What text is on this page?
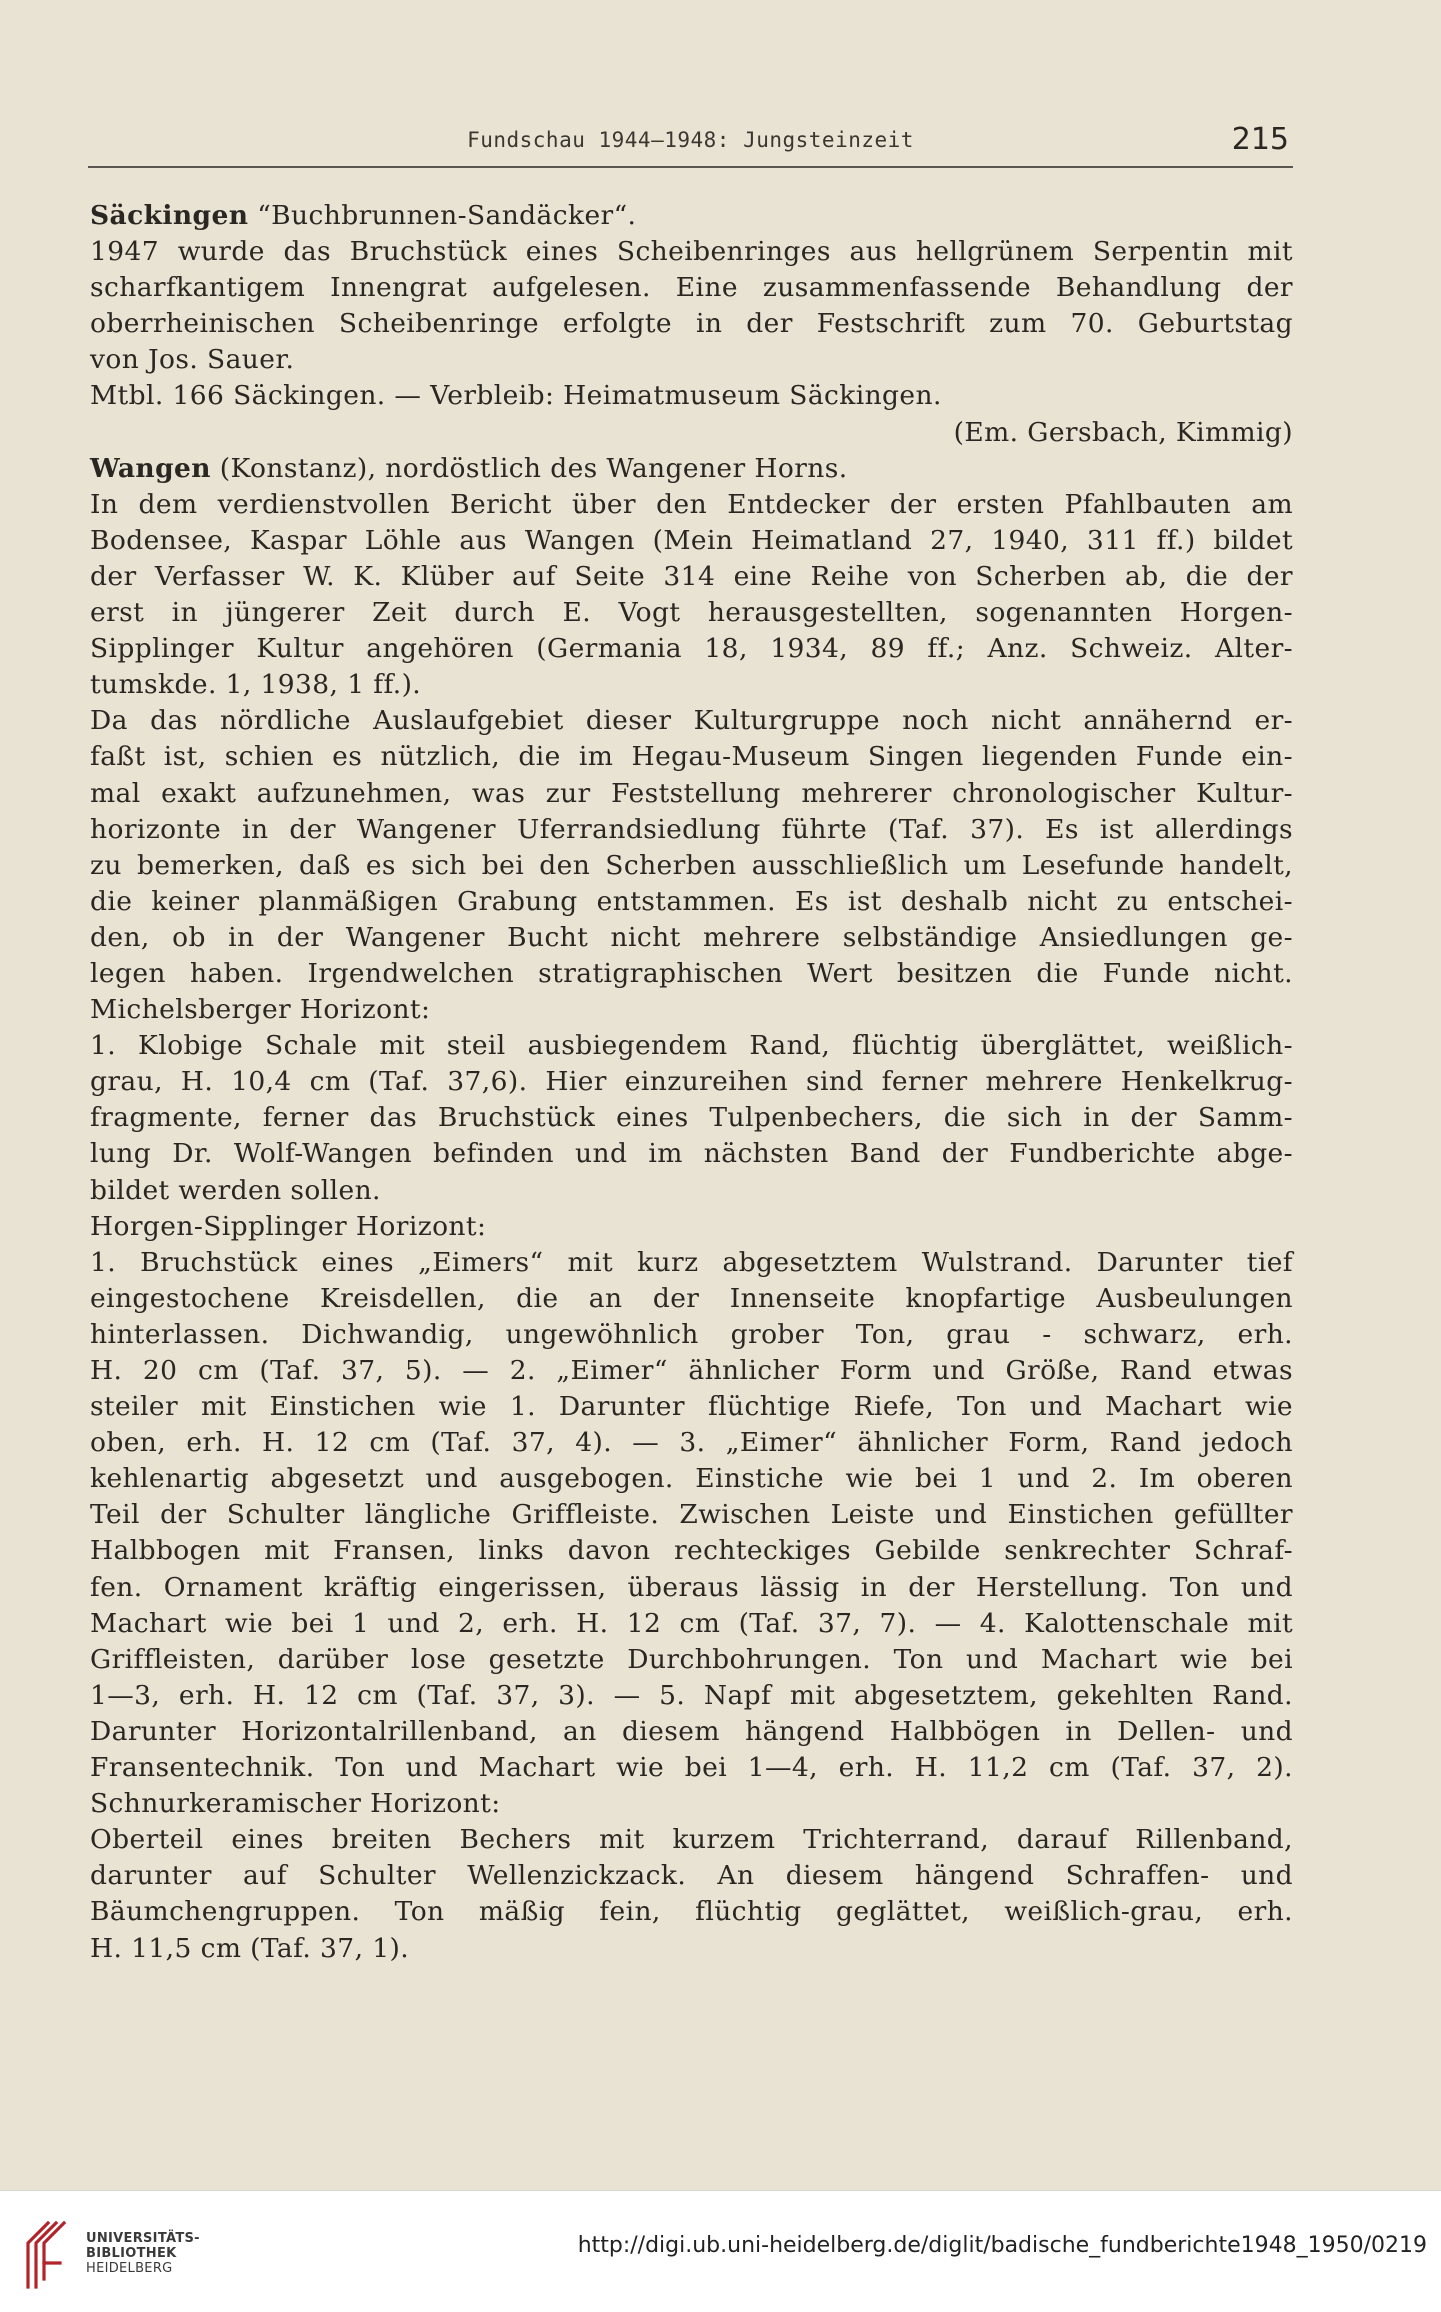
Fundschau 1944—1948: Jungsteinzeit	215
Säckingen “Buchbrunnen-Sandäcker“.
1947 wurde das Bruchstück eines Scheibenringes aus hellgrünem Serpentin mit
scharfkantigem Innengrat aufgelesen. Eine zusammenfassende Behandlung der
oberrheinischen Scheibenringe erfolgte in der Festschrift zum 70. Geburtstag
von Jos. Sauer.
Mtbl. 166 Säckingen. — Verbleib: Heimatmuseum Säckingen.
(Em. Gersbach, Kimmig)
Wangen (Konstanz), nordöstlich des Wangener Horns.
In dem verdienstvollen Bericht über den Entdecker der ersten Pfahlbauten am
Bodensee, Kaspar Löhle aus Wangen (Mein Heimatland 27, 1940, 311 ff.) bildet
der Verfasser W. K. Klüber auf Seite 314 eine Reihe von Scherben ab, die der
erst in jüngerer Zeit durch E. Vogt herausgestellten, sogenannten Horgen-
Sipplinger Kultur angehören (Germania 18, 1934, 89 ff.; Anz. Schweiz. Alter-
tumskde. 1, 1938, 1 ff.).
Da das nördliche Auslaufgebiet dieser Kulturgruppe noch nicht annähernd er-
faßt ist, schien es nützlich, die im Hegau-Museum Singen liegenden Funde ein-
mal exakt aufzunehmen, was zur Feststellung mehrerer chronologischer Kultur-
horizonte in der Wangener Uferrandsiedlung führte (Taf. 37). Es ist allerdings
zu bemerken, daß es sich bei den Scherben ausschließlich um Lesefunde handelt,
die keiner planmäßigen Grabung entstammen. Es ist deshalb nicht zu entschei-
den, ob in der Wangener Bucht nicht mehrere selbständige Ansiedlungen ge-
legen haben. Irgendwelchen stratigraphischen Wert besitzen die Funde nicht.
Michelsberger Horizont:
1. Klobige Schale mit steil ausbiegendem Rand, flüchtig überglättet, weißlich-
grau, H. 10,4 cm (Taf. 37,6). Hier einzureihen sind ferner mehrere Henkelkrug-
fragmente, ferner das Bruchstück eines Tulpenbechers, die sich in der Samm-
lung Dr. Wolf-Wangen befinden und im nächsten Band der Fundberichte abge-
bildet werden sollen.
Horgen-Sipplinger Horizont:
1. Bruchstück eines „Eimers“ mit kurz abgesetztem Wulstrand. Darunter tief
eingestochene Kreisdellen, die an der Innenseite knopfartige Ausbeulungen
hinterlassen. Dichwandig, ungewöhnlich grober Ton, grau - schwarz, erh.
H. 20 cm (Taf. 37, 5). — 2. „Eimer“ ähnlicher Form und Größe, Rand etwas
steiler mit Einstichen wie 1. Darunter flüchtige Riefe, Ton und Machart wie
oben, erh. H. 12 cm (Taf. 37, 4). — 3. „Eimer“ ähnlicher Form, Rand jedoch
kehlenartig abgesetzt und ausgebogen. Einstiche wie bei 1 und 2. Im oberen
Teil der Schulter längliche Griffleiste. Zwischen Leiste und Einstichen gefüllter
Halbbogen mit Fransen, links davon rechteckiges Gebilde senkrechter Schraf-
fen. Ornament kräftig eingerissen, überaus lässig in der Herstellung. Ton und
Machart wie bei 1 und 2, erh. H. 12 cm (Taf. 37, 7). — 4. Kalottenschale mit
Griffleisten, darüber lose gesetzte Durchbohrungen. Ton und Machart wie bei
1—3, erh. H. 12 cm (Taf. 37, 3). — 5. Napf mit abgesetztem, gekehlten Rand.
Darunter Horizontalrillenband, an diesem hängend Halbbögen in Dellen- und
Fransentechnik. Ton und Machart wie bei 1—4, erh. H. 11,2 cm (Taf. 37, 2).
Schnurkeramischer Horizont:
Oberteil eines breiten Bechers mit kurzem Trichterrand, darauf Rillenband,
darunter auf Schulter Wellenzickzack. An diesem hängend Schraffen- und
Bäumchengruppen. Ton mäßig fein, flüchtig geglättet, weißlich-grau, erh.
H. 11,5 cm (Taf. 37, 1).
UNIVERSITÄTS-
BIBLIOTHEK
HEIDELBERG
http://digi.ub.uni-heidelberg.de/diglit/badische_fundberichte1948_1950/0219
